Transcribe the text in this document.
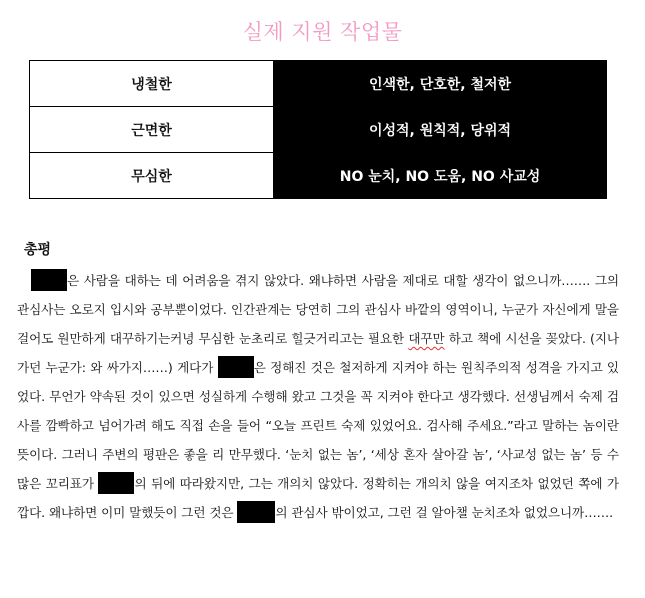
실제 지원 작업물
냉철한	인색한, 단호한, 철저한
근면한	이성적, 원칙적, 당위적
무심한	NO 눈치, NO 도움, NO 사교성
총평
은 사람을 대하는 데 어려움을 겪지 않았다. 왜냐하면 사람을 제대로 대할 생각이 없으니까……. 그의 관심사는 오로지 입시와 공부뿐이었다. 인간관계는 당연히 그의 관심사 바깥의 영역이니, 누군가 자신에게 말을 걸어도 원만하게 대꾸하기는커녕 무심한 눈초리로 힐긋거리고는 필요한 대꾸만 하고 책에 시선을 꽂았다. (지나가던 누군가: 와 싸가지……) 게다가	은 정해진 것은 철저하게 지켜야 하는 원칙주의적 성격을 가지고 있었다. 무언가 약속된 것이 있으면 성실하게 수행해 왔고 그것을 꼭 지켜야 한다고 생각했다. 선생님께서 숙제 검사를 깜빡하고 넘어가려 해도 직접 손을 들어 “오늘 프린트 숙제 있었어요. 검사해 주세요.”라고 말하는 놈이란 뜻이다. 그러니 주변의 평판은 좋을 리 만무했다. ‘눈치 없는 놈’, ‘세상 혼자 살아갈 놈’, ‘사교성 없는 놈’ 등 수많은 꼬리표가	의 뒤에 따라왔지만, 그는 개의치 않았다. 정확히는 개의치 않을 여지조차 없었던 쪽에 가깝다. 왜냐하면 이미 말했듯이 그런 것은	의 관심사 밖이었고, 그런 걸 알아챌 눈치조차 없었으니까…….
